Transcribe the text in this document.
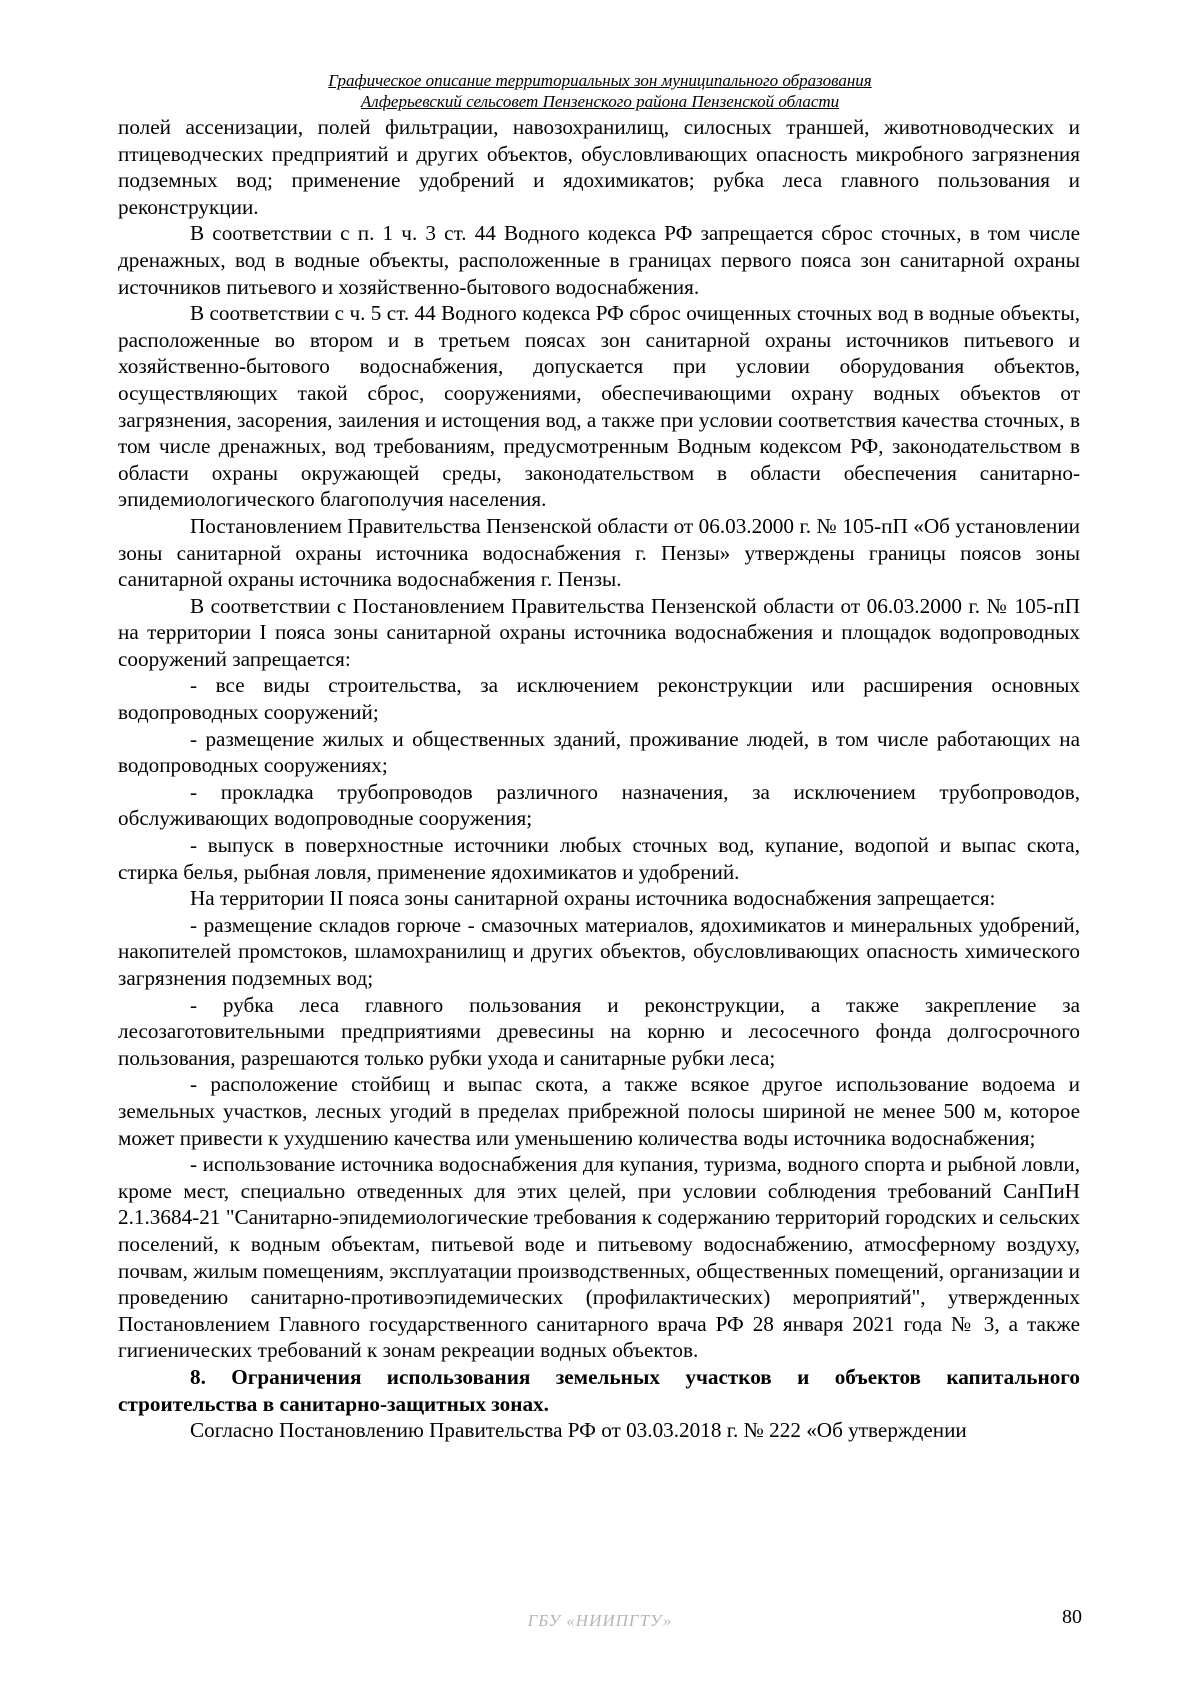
Графическое описание территориальных зон муниципального образования
Алферьевский сельсовет Пензенского района Пензенской области

полей ассенизации, полей фильтрации, навозохранилищ, силосных траншей, животноводческих и птицеводческих предприятий и других объектов, обусловливающих опасность микробного загрязнения подземных вод; применение удобрений и ядохимикатов; рубка леса главного пользования и реконструкции.

В соответствии с п. 1 ч. 3 ст. 44 Водного кодекса РФ запрещается сброс сточных, в том числе дренажных, вод в водные объекты, расположенные в границах первого пояса зон санитарной охраны источников питьевого и хозяйственно-бытового водоснабжения.

В соответствии с ч. 5 ст. 44 Водного кодекса РФ сброс очищенных сточных вод в водные объекты, расположенные во втором и в третьем поясах зон санитарной охраны источников питьевого и хозяйственно-бытового водоснабжения, допускается при условии оборудования объектов, осуществляющих такой сброс, сооружениями, обеспечивающими охрану водных объектов от загрязнения, засорения, заиления и истощения вод, а также при условии соответствия качества сточных, в том числе дренажных, вод требованиям, предусмотренным Водным кодексом РФ, законодательством в области охраны окружающей среды, законодательством в области обеспечения санитарно-эпидемиологического благополучия населения.

Постановлением Правительства Пензенской области от 06.03.2000 г. № 105-пП «Об установлении зоны санитарной охраны источника водоснабжения г. Пензы» утверждены границы поясов зоны санитарной охраны источника водоснабжения г. Пензы.

В соответствии с Постановлением Правительства Пензенской области от 06.03.2000 г. № 105-пП на территории I пояса зоны санитарной охраны источника водоснабжения и площадок водопроводных сооружений запрещается:

- все виды строительства, за исключением реконструкции или расширения основных водопроводных сооружений;

- размещение жилых и общественных зданий, проживание людей, в том числе работающих на водопроводных сооружениях;

- прокладка трубопроводов различного назначения, за исключением трубопроводов, обслуживающих водопроводные сооружения;

- выпуск в поверхностные источники любых сточных вод, купание, водопой и выпас скота, стирка белья, рыбная ловля, применение ядохимикатов и удобрений.

На территории II пояса зоны санитарной охраны источника водоснабжения запрещается:

- размещение складов горюче - смазочных материалов, ядохимикатов и минеральных удобрений, накопителей промстоков, шламохранилищ и других объектов, обусловливающих опасность химического загрязнения подземных вод;

- рубка леса главного пользования и реконструкции, а также закрепление за лесозаготовительными предприятиями древесины на корню и лесосечного фонда долгосрочного пользования, разрешаются только рубки ухода и санитарные рубки леса;

- расположение стойбищ и выпас скота, а также всякое другое использование водоема и земельных участков, лесных угодий в пределах прибрежной полосы шириной не менее 500 м, которое может привести к ухудшению качества или уменьшению количества воды источника водоснабжения;

- использование источника водоснабжения для купания, туризма, водного спорта и рыбной ловли, кроме мест, специально отведенных для этих целей, при условии соблюдения требований СанПиН 2.1.3684-21 "Санитарно-эпидемиологические требования к содержанию территорий городских и сельских поселений, к водным объектам, питьевой воде и питьевому водоснабжению, атмосферному воздуху, почвам, жилым помещениям, эксплуатации производственных, общественных помещений, организации и проведению санитарно-противоэпидемических (профилактических) мероприятий", утвержденных Постановлением Главного государственного санитарного врача РФ 28 января 2021 года № 3, а также гигиенических требований к зонам рекреации водных объектов.

8. Ограничения использования земельных участков и объектов капитального строительства в санитарно-защитных зонах.

Согласно Постановлению Правительства РФ от 03.03.2018 г. № 222 «Об утверждении

ГБУ «НИИПГТУ»	80
